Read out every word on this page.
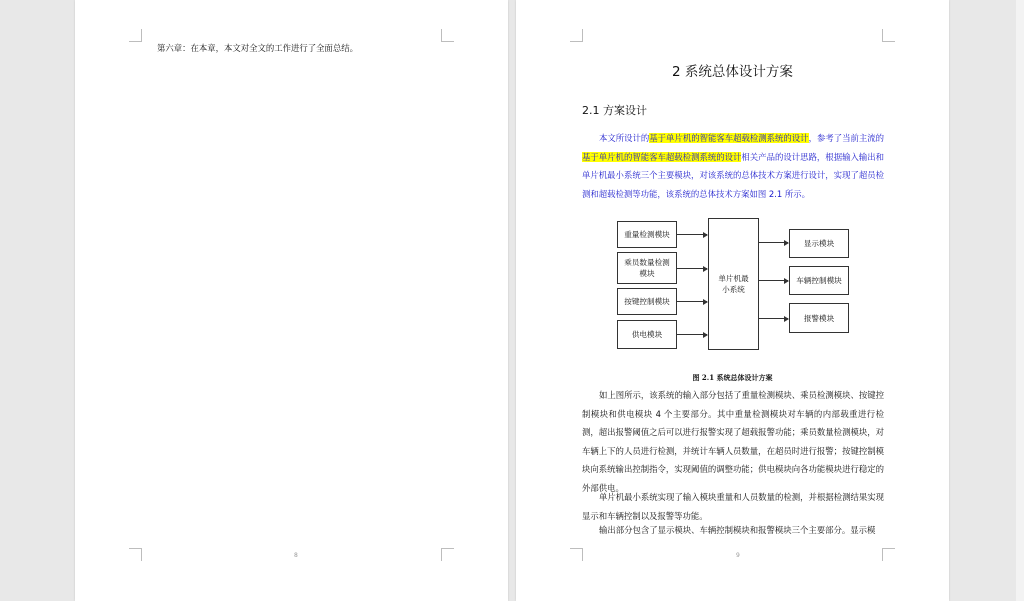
第六章：在本章，本文对全文的工作进行了全面总结。
8
2 系统总体设计方案
2.1 方案设计
本文所设计的基于单片机的智能客车超载检测系统的设计，参考了当前主流的基于单片机的智能客车超载检测系统的设计相关产品的设计思路，根据输入输出和单片机最小系统三个主要模块，对该系统的总体技术方案进行设计，实现了超员检测和超载检测等功能，该系统的总体技术方案如图 2.1 所示。
重量检测模块
乘员数量检测模块
按键控制模块
供电模块
单片机最小系统
显示模块
车辆控制模块
报警模块
图 2.1 系统总体设计方案
如上图所示，该系统的输入部分包括了重量检测模块、乘员检测模块、按键控制模块和供电模块 4 个主要部分。其中重量检测模块对车辆的内部载重进行检测，超出报警阈值之后可以进行报警实现了超载报警功能；乘员数量检测模块，对车辆上下的人员进行检测，并统计车辆人员数量，在超员时进行报警；按键控制模块向系统输出控制指令，实现阈值的调整功能；供电模块向各功能模块进行稳定的外部供电。
单片机最小系统实现了输入模块重量和人员数量的检测，并根据检测结果实现显示和车辆控制以及报警等功能。
输出部分包含了显示模块、车辆控制模块和报警模块三个主要部分。显示模
9
